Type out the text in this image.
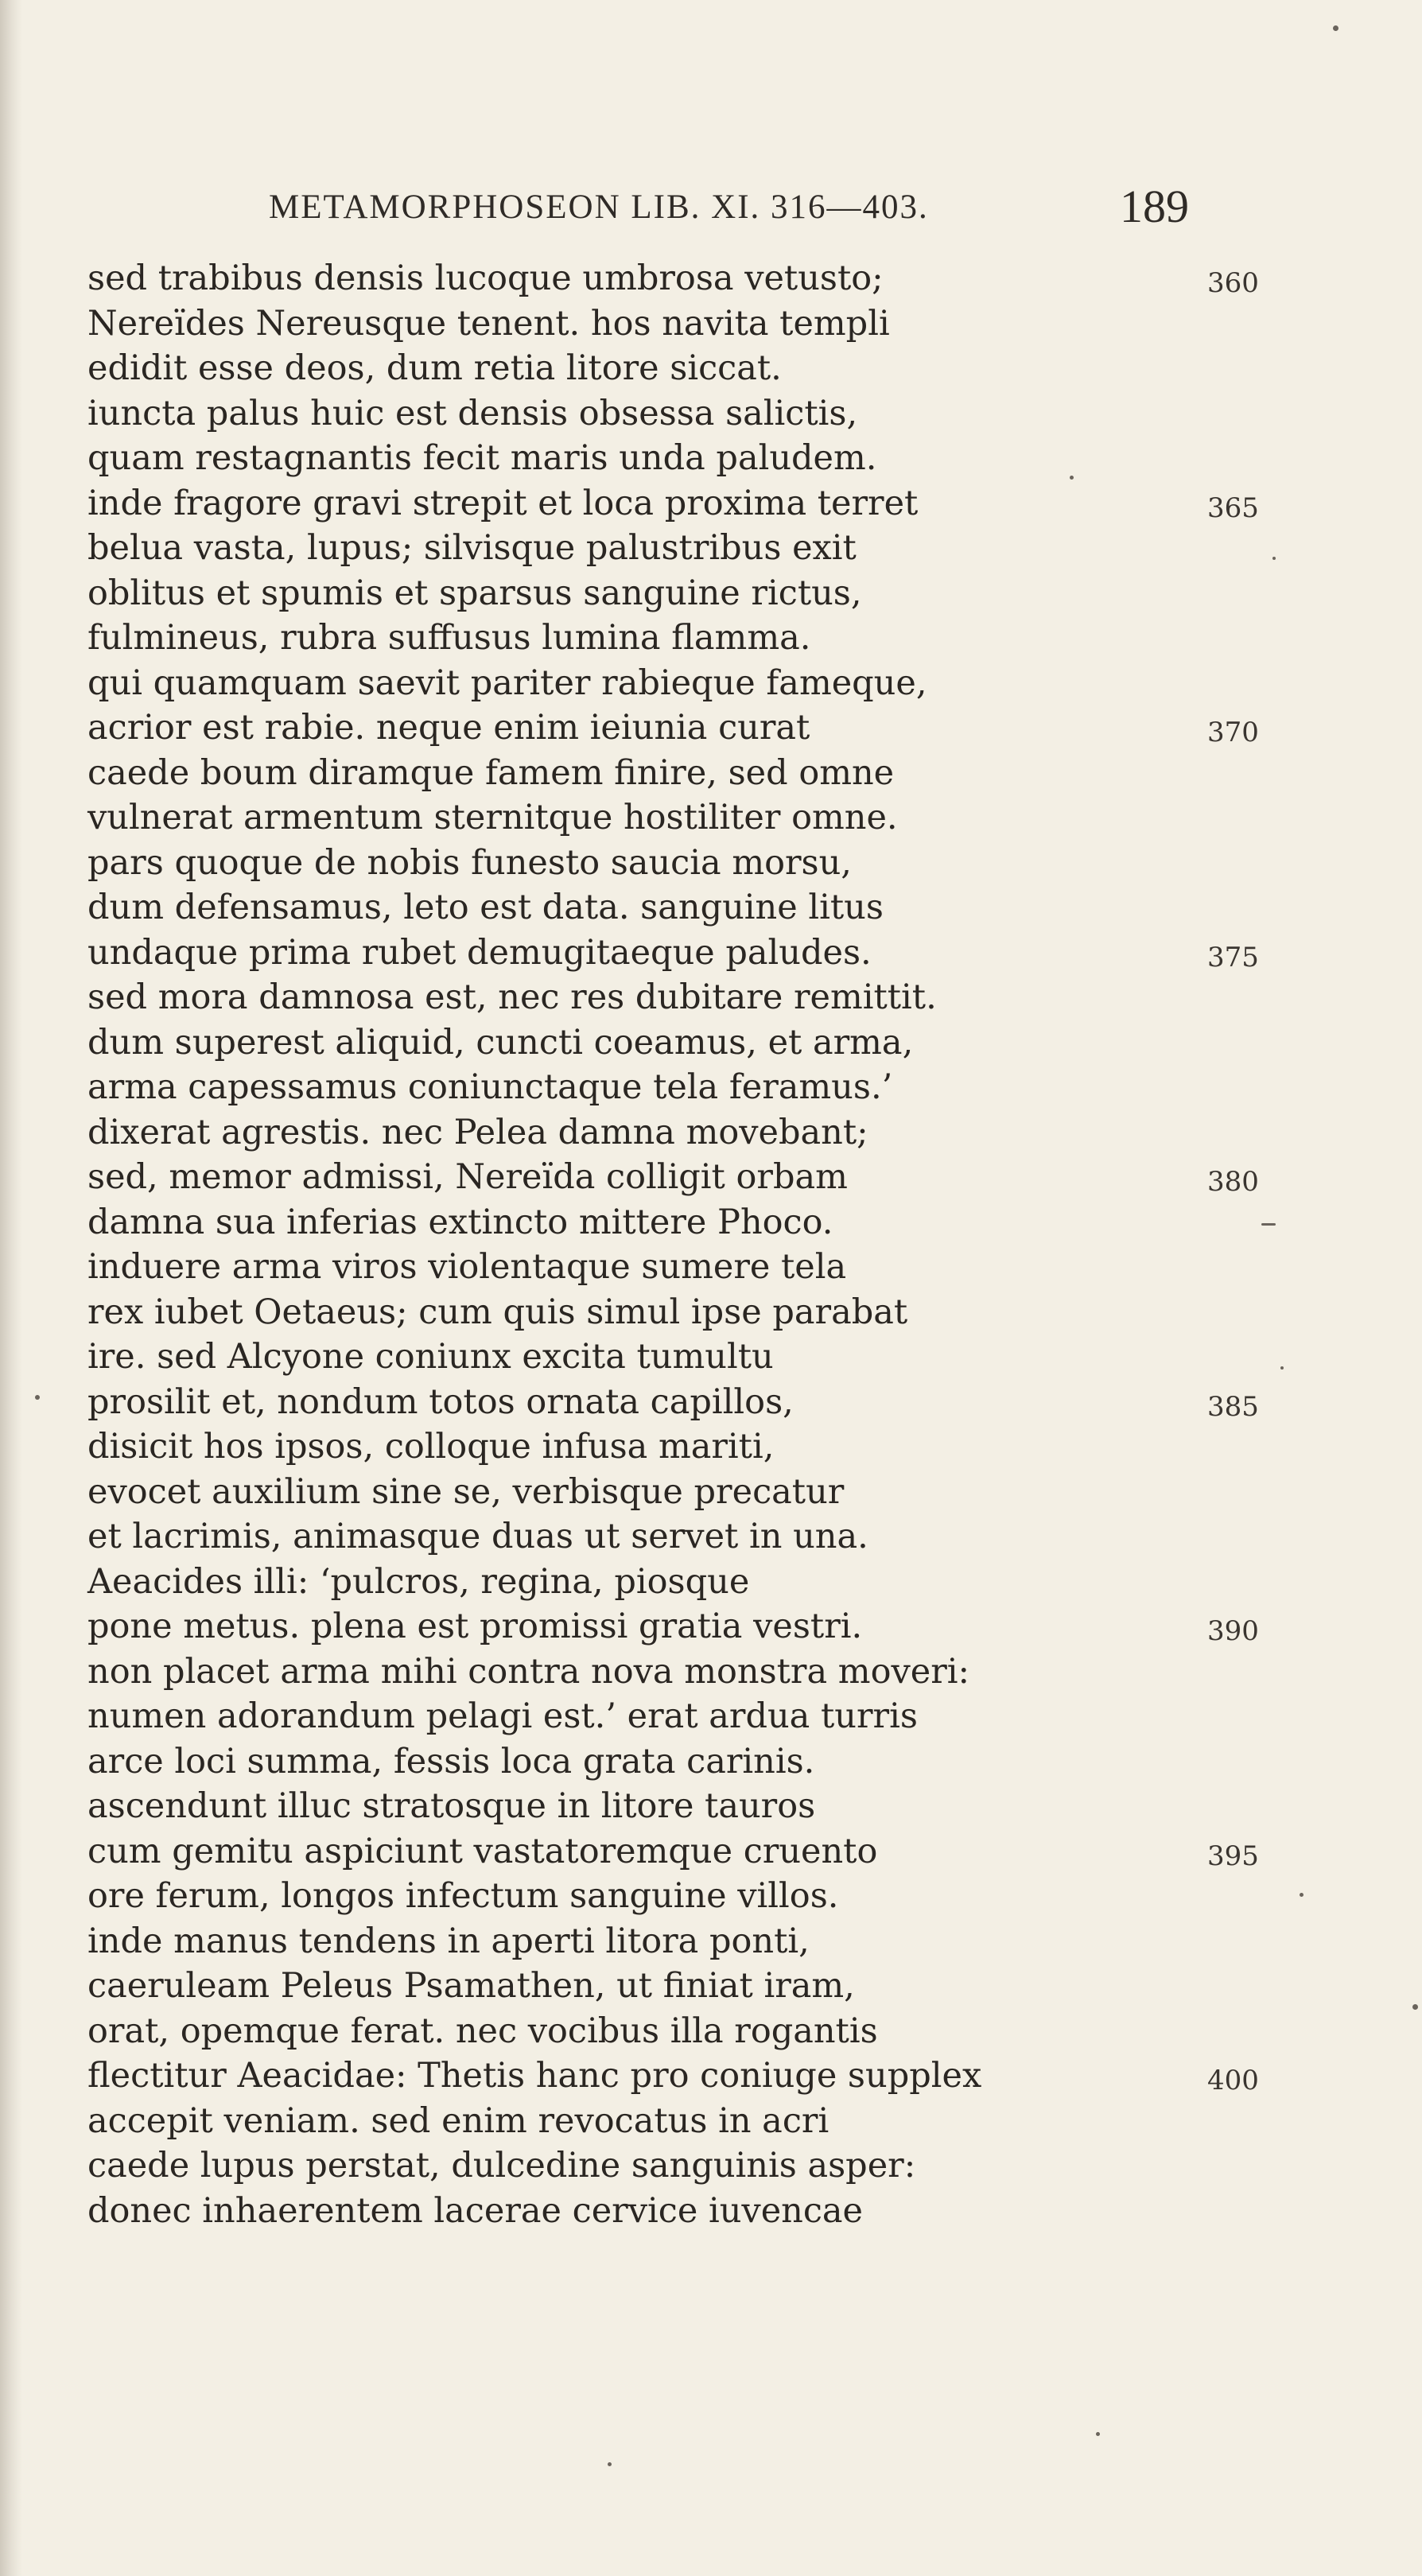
METAMORPHOSEON LIB. XI. 316—403.	189
sed trabibus densis lucoque umbrosa vetusto;	360
Nereïdes Nereusque tenent. hos navita templi
edidit esse deos, dum retia litore siccat.
iuncta palus huic est densis obsessa salictis,
quam restagnantis fecit maris unda paludem.
inde fragore gravi strepit et loca proxima terret	365
belua vasta, lupus; silvisque palustribus exit
oblitus et spumis et sparsus sanguine rictus,
fulmineus, rubra suffusus lumina flamma.
qui quamquam saevit pariter rabieque fameque,
acrior est rabie. neque enim ieiunia curat	370
caede boum diramque famem finire, sed omne
vulnerat armentum sternitque hostiliter omne.
pars quoque de nobis funesto saucia morsu,
dum defensamus, leto est data. sanguine litus
undaque prima rubet demugitaeque paludes.	375
sed mora damnosa est, nec res dubitare remittit.
dum superest aliquid, cuncti coeamus, et arma,
arma capessamus coniunctaque tela feramus.’
dixerat agrestis. nec Pelea damna movebant;
sed, memor admissi, Nereïda colligit orbam	380
damna sua inferias extincto mittere Phoco.
induere arma viros violentaque sumere tela
rex iubet Oetaeus; cum quis simul ipse parabat
ire. sed Alcyone coniunx excita tumultu
prosilit et, nondum totos ornata capillos,	385
disicit hos ipsos, colloque infusa mariti,
evocet auxilium sine se, verbisque precatur
et lacrimis, animasque duas ut servet in una.
Aeacides illi: ‘pulcros, regina, piosque
pone metus. plena est promissi gratia vestri.	390
non placet arma mihi contra nova monstra moveri:
numen adorandum pelagi est.’ erat ardua turris
arce loci summa, fessis loca grata carinis.
ascendunt illuc stratosque in litore tauros
cum gemitu aspiciunt vastatoremque cruento	395
ore ferum, longos infectum sanguine villos.
inde manus tendens in aperti litora ponti,
caeruleam Peleus Psamathen, ut finiat iram,
orat, opemque ferat. nec vocibus illa rogantis
flectitur Aeacidae: Thetis hanc pro coniuge supplex	400
accepit veniam. sed enim revocatus in acri
caede lupus perstat, dulcedine sanguinis asper:
donec inhaerentem lacerae cervice iuvencae
